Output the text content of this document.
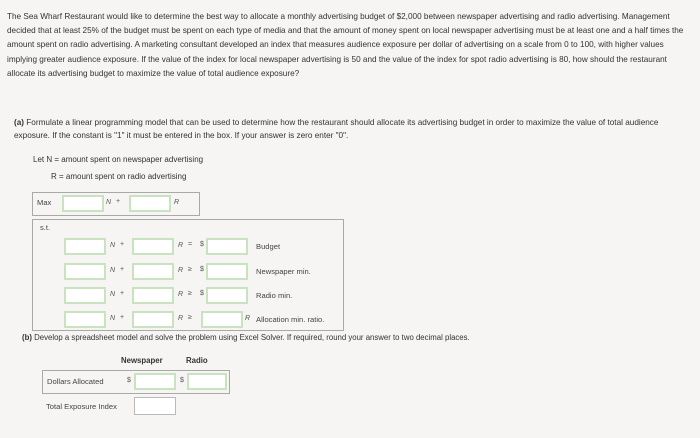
The Sea Wharf Restaurant would like to determine the best way to allocate a monthly advertising budget of $2,000 between newspaper advertising and radio advertising. Management decided that at least 25% of the budget must be spent on each type of media and that the amount of money spent on local newspaper advertising must be at least one and a half times the amount spent on radio advertising. A marketing consultant developed an index that measures audience exposure per dollar of advertising on a scale from 0 to 100, with higher values implying greater audience exposure. If the value of the index for local newspaper advertising is 50 and the value of the index for spot radio advertising is 80, how should the restaurant allocate its advertising budget to maximize the value of total audience exposure?
(a) Formulate a linear programming model that can be used to determine how the restaurant should allocate its advertising budget in order to maximize the value of total audience exposure. If the constant is "1" it must be entered in the box. If your answer is zero enter "0".
Let N = amount spent on newspaper advertising
R = amount spent on radio advertising
Max	N +	R
s.t.
N +	R = $	Budget
N +	R ≥ $	Newspaper min.
N +	R ≥ $	Radio min.
N +	R ≥	R Allocation min. ratio.
(b) Develop a spreadsheet model and solve the problem using Excel Solver. If required, round your answer to two decimal places.
Newspaper	Radio
Dollars Allocated	$	$
Total Exposure Index
